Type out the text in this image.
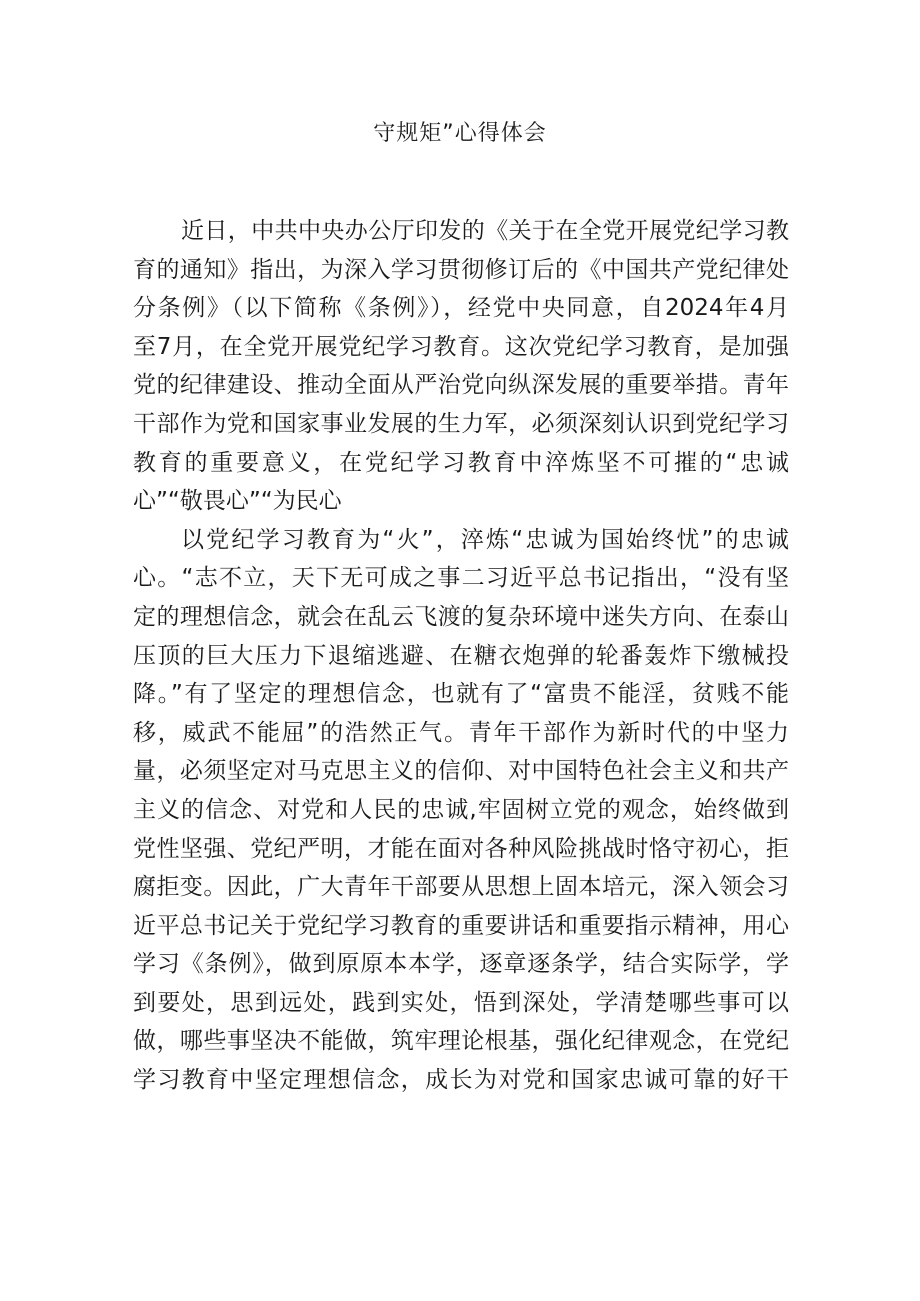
守规矩”心得体会
近日，中共中央办公厅印发的《关于在全党开展党纪学习教
育的通知》指出，为深入学习贯彻修订后的《中国共产党纪律处
分条例》（以下简称《条例》），经党中央同意，自2024年4月
至7月，在全党开展党纪学习教育。这次党纪学习教育，是加强
党的纪律建设、推动全面从严治党向纵深发展的重要举措。青年
干部作为党和国家事业发展的生力军，必须深刻认识到党纪学习
教育的重要意义，在党纪学习教育中淬炼坚不可摧的“忠诚
心”“敬畏心”“为民心
以党纪学习教育为“火”，淬炼“忠诚为国始终忧”的忠诚
心。“志不立，天下无可成之事二习近平总书记指出，“没有坚
定的理想信念，就会在乱云飞渡的复杂环境中迷失方向、在泰山
压顶的巨大压力下退缩逃避、在糖衣炮弹的轮番轰炸下缴械投
降。”有了坚定的理想信念，也就有了“富贵不能淫，贫贱不能
移，威武不能屈”的浩然正气。青年干部作为新时代的中坚力
量，必须坚定对马克思主义的信仰、对中国特色社会主义和共产
主义的信念、对党和人民的忠诚,牢固树立党的观念，始终做到
党性坚强、党纪严明，才能在面对各种风险挑战时恪守初心，拒
腐拒变。因此，广大青年干部要从思想上固本培元，深入领会习
近平总书记关于党纪学习教育的重要讲话和重要指示精神，用心
学习《条例》，做到原原本本学，逐章逐条学，结合实际学，学
到要处，思到远处，践到实处，悟到深处，学清楚哪些事可以
做，哪些事坚决不能做，筑牢理论根基，强化纪律观念，在党纪
学习教育中坚定理想信念，成长为对党和国家忠诚可靠的好干
